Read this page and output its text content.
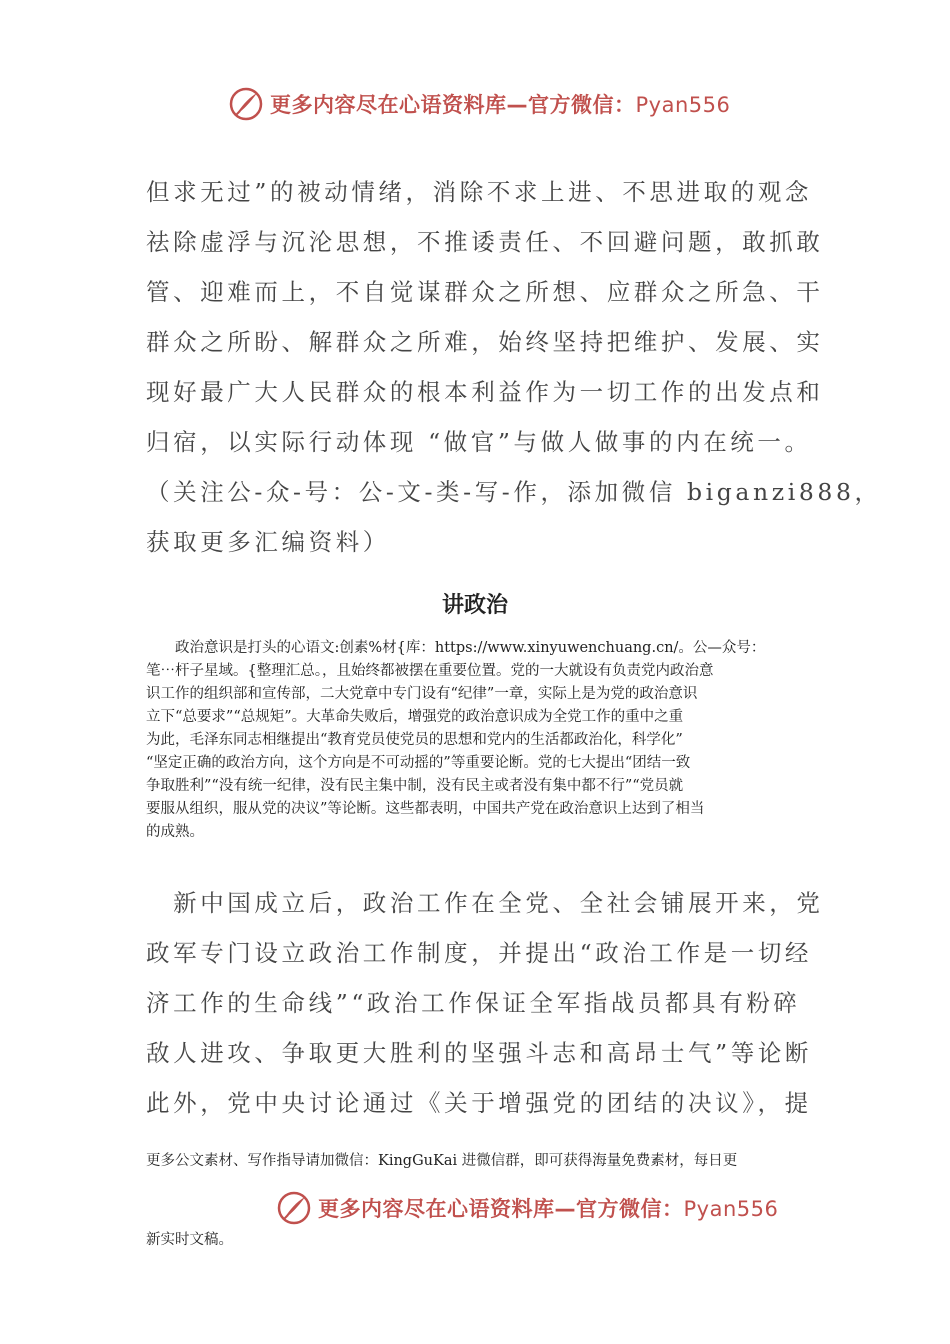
更多内容尽在心语资料库—官方微信：Pyan556
但求无过”的被动情绪，消除不求上进、不思进取的观念
祛除虚浮与沉沦思想，不推诿责任、不回避问题，敢抓敢
管、迎难而上，不自觉谋群众之所想、应群众之所急、干
群众之所盼、解群众之所难，始终坚持把维护、发展、实
现好最广大人民群众的根本利益作为一切工作的出发点和
归宿，以实际行动体现 “做官”与做人做事的内在统一。
（关注公-众-号：公-文-类-写-作，添加微信 biganzi888，
获取更多汇编资料）
讲政治
　　政治意识是打头的心语文:创素%材{库：https://www.xinyuwenchuang.cn/。公—众号：
笔⋯杆子星域。{整理汇总。，且始终都被摆在重要位置。党的一大就设有负责党内政治意
识工作的组织部和宣传部，二大党章中专门设有“纪律”一章，实际上是为党的政治意识
立下“总要求”“总规矩”。大革命失败后，增强党的政治意识成为全党工作的重中之重
为此，毛泽东同志相继提出“教育党员使党员的思想和党内的生活都政治化，科学化”
“坚定正确的政治方向，这个方向是不可动摇的”等重要论断。党的七大提出“团结一致
争取胜利”“没有统一纪律，没有民主集中制，没有民主或者没有集中都不行”“党员就
要服从组织，服从党的决议”等论断。这些都表明，中国共产党在政治意识上达到了相当
的成熟。
　新中国成立后，政治工作在全党、全社会铺展开来，党
政军专门设立政治工作制度，并提出“政治工作是一切经
济工作的生命线”“政治工作保证全军指战员都具有粉碎
敌人进攻、争取更大胜利的坚强斗志和高昂士气”等论断
此外，党中央讨论通过《关于增强党的团结的决议》，提
更多公文素材、写作指导请加微信：KingGuKai 进微信群，即可获得海量免费素材，每日更
更多内容尽在心语资料库—官方微信：Pyan556
新实时文稿。
